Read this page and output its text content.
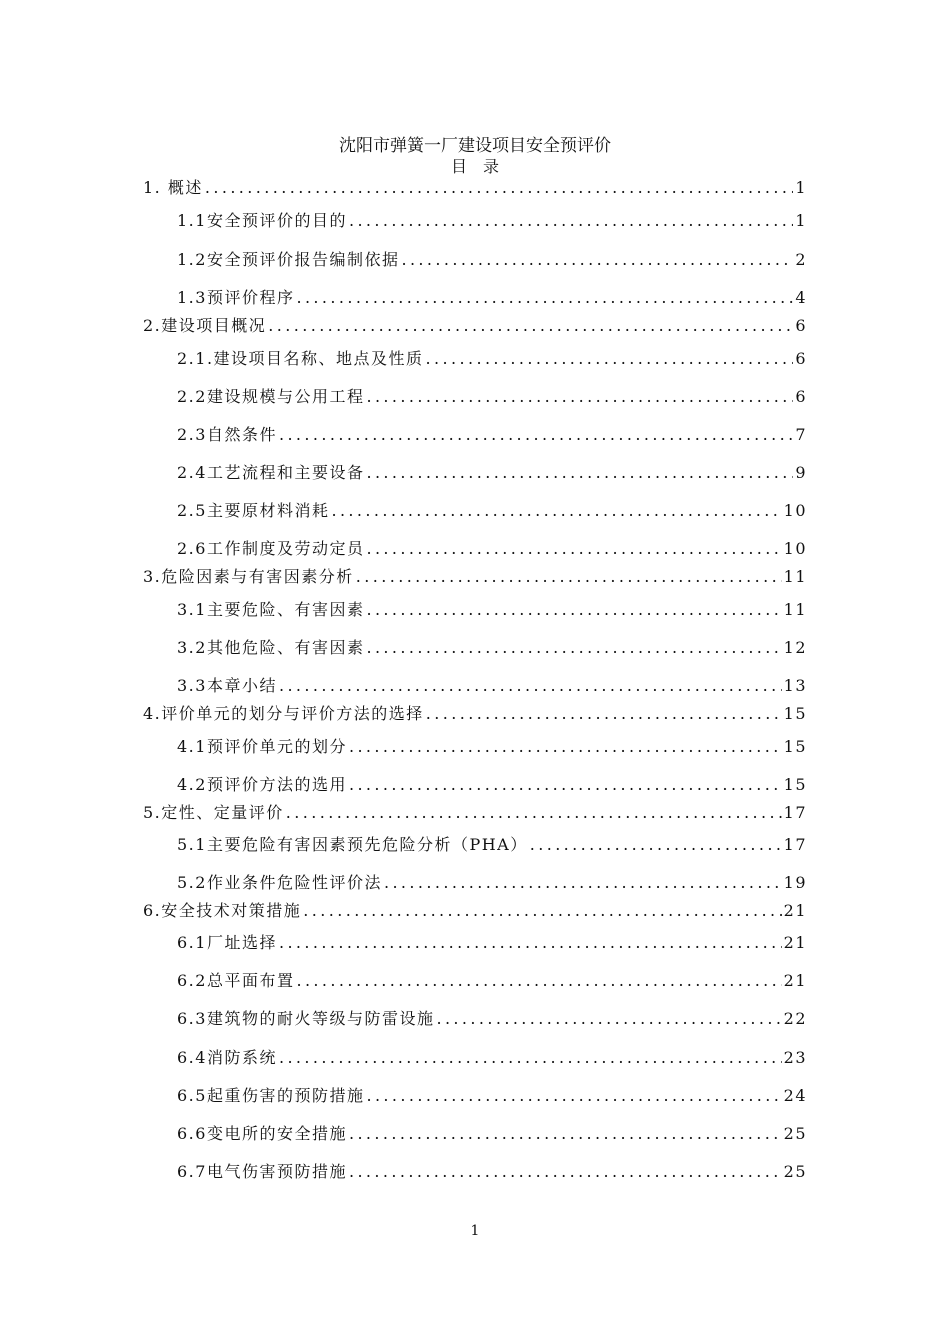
沈阳市弹簧一厂建设项目安全预评价
目录
1. 概述 .....	1
1.1安全预评价的目的 .....	1
1.2安全预评价报告编制依据 .....	2
1.3预评价程序 .....	4
2.建设项目概况 .....	6
2.1.建设项目名称、地点及性质 .....	6
2.2建设规模与公用工程 .....	6
2.3自然条件 .....	7
2.4工艺流程和主要设备 .....	9
2.5主要原材料消耗 .....	10
2.6工作制度及劳动定员 .....	10
3.危险因素与有害因素分析 .....	11
3.1主要危险、有害因素 .....	11
3.2其他危险、有害因素 .....	12
3.3本章小结 .....	13
4.评价单元的划分与评价方法的选择 .....	15
4.1预评价单元的划分 .....	15
4.2预评价方法的选用 .....	15
5.定性、定量评价 .....	17
5.1主要危险有害因素预先危险分析（PHA） .....	17
5.2作业条件危险性评价法 .....	19
6.安全技术对策措施 .....	21
6.1厂址选择 .....	21
6.2总平面布置 .....	21
6.3建筑物的耐火等级与防雷设施 .....	22
6.4消防系统 .....	23
6.5起重伤害的预防措施 .....	24
6.6变电所的安全措施 .....	25
6.7电气伤害预防措施 .....	25
1
